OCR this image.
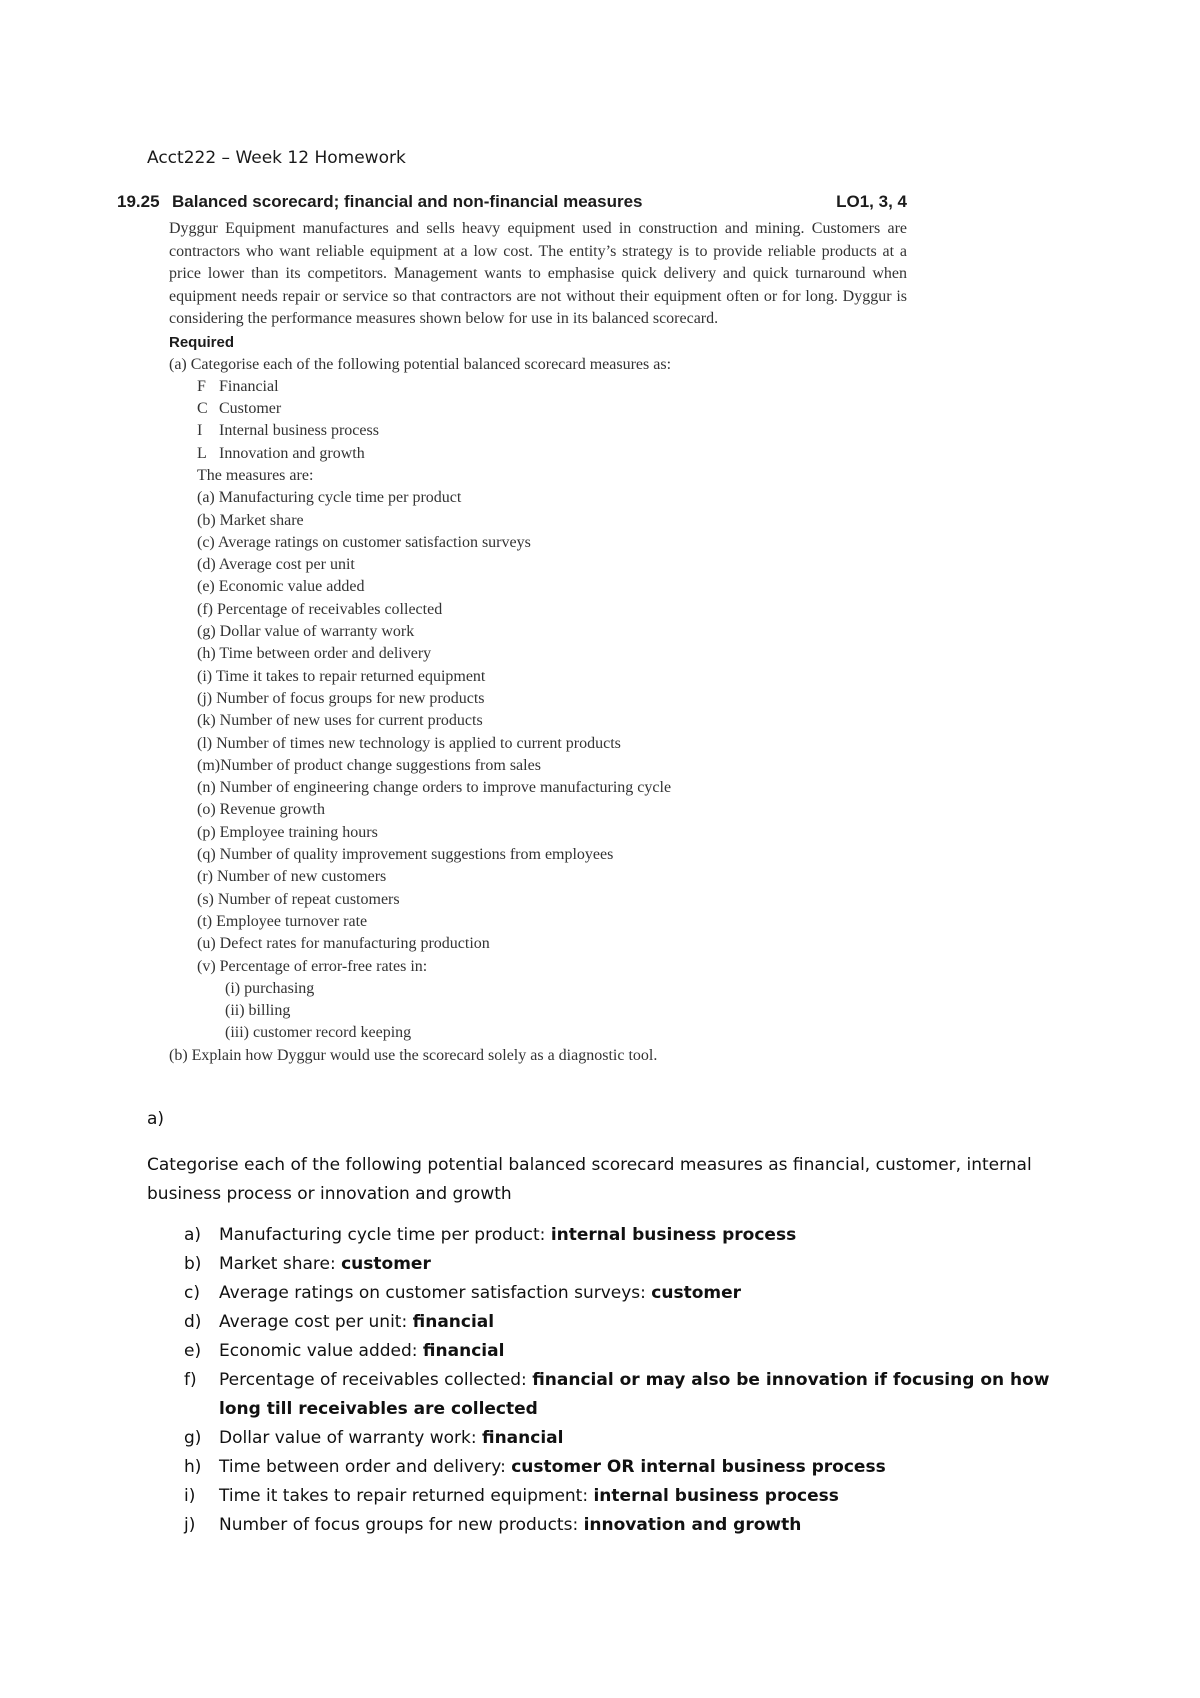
Acct222 – Week 12 Homework
19.25 Balanced scorecard; financial and non-financial measures	LO1, 3, 4
Dyggur Equipment manufactures and sells heavy equipment used in construction and mining. Customers are contractors who want reliable equipment at a low cost. The entity’s strategy is to provide reliable products at a price lower than its competitors. Management wants to emphasise quick delivery and quick turnaround when equipment needs repair or service so that contractors are not without their equipment often or for long. Dyggur is considering the performance measures shown below for use in its balanced scorecard.
Required
(a) Categorise each of the following potential balanced scorecard measures as:
F Financial
C Customer
I Internal business process
L Innovation and growth
The measures are:
(a) Manufacturing cycle time per product
(b) Market share
(c) Average ratings on customer satisfaction surveys
(d) Average cost per unit
(e) Economic value added
(f) Percentage of receivables collected
(g) Dollar value of warranty work
(h) Time between order and delivery
(i) Time it takes to repair returned equipment
(j) Number of focus groups for new products
(k) Number of new uses for current products
(l) Number of times new technology is applied to current products
(m)Number of product change suggestions from sales
(n) Number of engineering change orders to improve manufacturing cycle
(o) Revenue growth
(p) Employee training hours
(q) Number of quality improvement suggestions from employees
(r) Number of new customers
(s) Number of repeat customers
(t) Employee turnover rate
(u) Defect rates for manufacturing production
(v) Percentage of error-free rates in:
(i) purchasing
(ii) billing
(iii) customer record keeping
(b) Explain how Dyggur would use the scorecard solely as a diagnostic tool.
a)
Categorise each of the following potential balanced scorecard measures as financial, customer, internal business process or innovation and growth
a) Manufacturing cycle time per product: internal business process
b) Market share: customer
c) Average ratings on customer satisfaction surveys: customer
d) Average cost per unit: financial
e) Economic value added: financial
f) Percentage of receivables collected: financial or may also be innovation if focusing on how long till receivables are collected
g) Dollar value of warranty work: financial
h) Time between order and delivery: customer OR internal business process
i) Time it takes to repair returned equipment: internal business process
j) Number of focus groups for new products: innovation and growth
